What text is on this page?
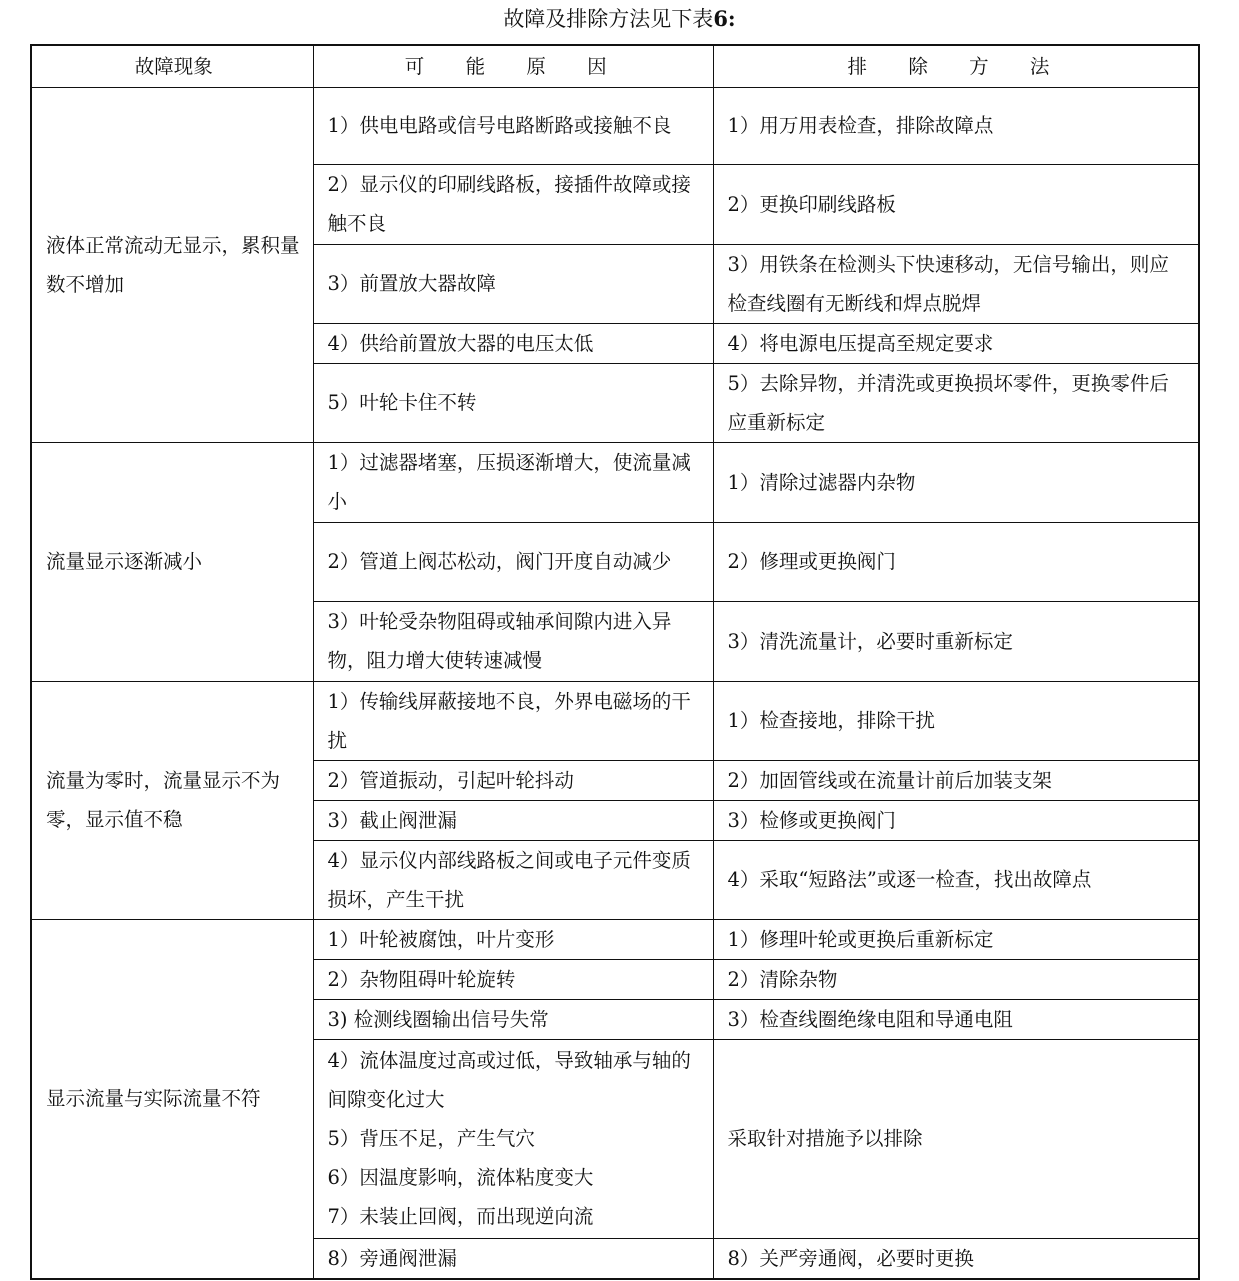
故障及排除方法见下表6:
故障现象	可 能 原 因	排 除 方 法
液体正常流动无显示，累积量数不增加	1）供电电路或信号电路断路或接触不良	1）用万用表检查，排除故障点

	2）显示仪的印刷线路板，接插件故障或接触不良	2）更换印刷线路板

	3）前置放大器故障	3）用铁条在检测头下快速移动，无信号输出，则应检查线圈有无断线和焊点脱焊

	4）供给前置放大器的电压太低	4）将电源电压提高至规定要求

	5）叶轮卡住不转	5）去除异物，并清洗或更换损坏零件，更换零件后应重新标定
流量显示逐渐减小	1）过滤器堵塞，压损逐渐增大，使流量减小	1）清除过滤器内杂物

	2）管道上阀芯松动，阀门开度自动减少	2）修理或更换阀门

	3）叶轮受杂物阻碍或轴承间隙内进入异物，阻力增大使转速减慢	3）清洗流量计，必要时重新标定
流量为零时，流量显示不为零，显示值不稳	1）传输线屏蔽接地不良，外界电磁场的干扰	1）检查接地，排除干扰

	2）管道振动，引起叶轮抖动	2）加固管线或在流量计前后加装支架

	3）截止阀泄漏	3）检修或更换阀门

	4）显示仪内部线路板之间或电子元件变质损坏，产生干扰	4）采取“短路法”或逐一检查，找出故障点
显示流量与实际流量不符	1）叶轮被腐蚀，叶片变形	1）修理叶轮或更换后重新标定

	2）杂物阻碍叶轮旋转	2）清除杂物

	3) 检测线圈输出信号失常	3）检查线圈绝缘电阻和导通电阻

	4）流体温度过高或过低，导致轴承与轴的间隙变化过大
5）背压不足，产生气穴
6）因温度影响，流体粘度变大
7）未装止回阀，而出现逆向流	采取针对措施予以排除

	8）旁通阀泄漏	8）关严旁通阀，必要时更换
